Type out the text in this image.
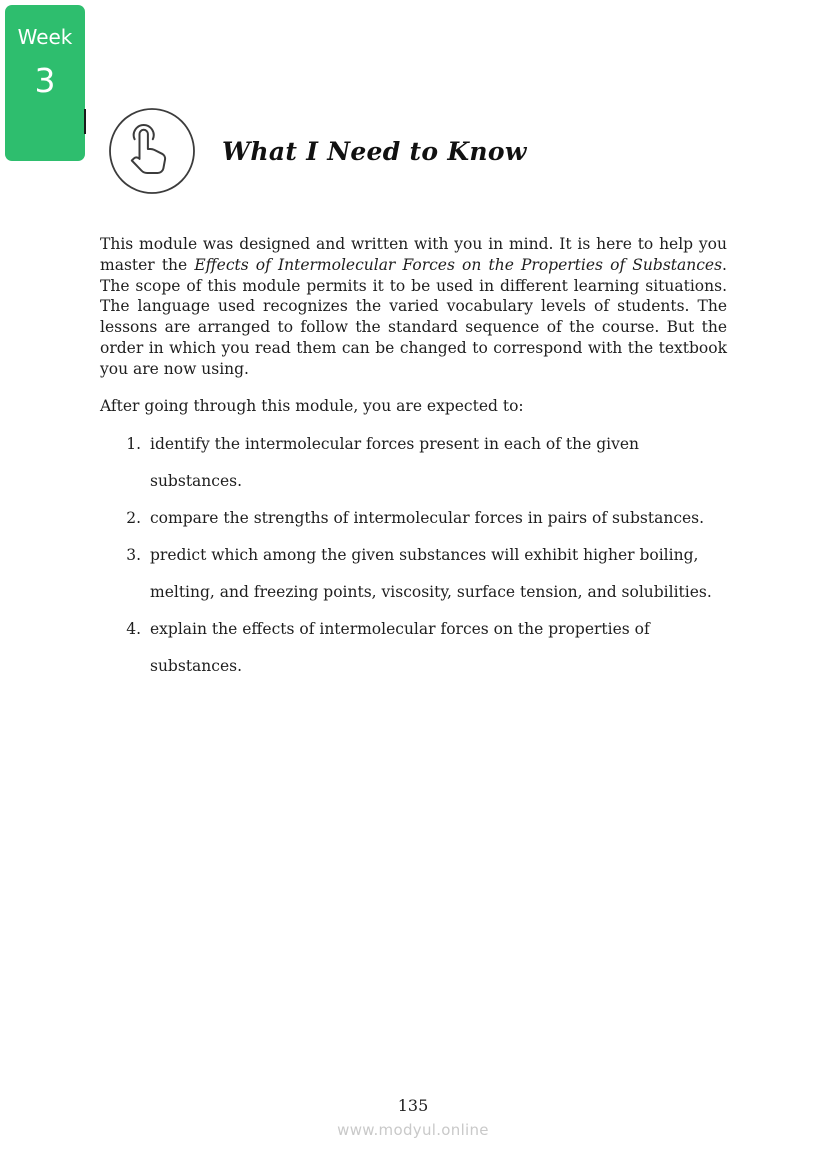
Week
3
What I Need to Know

This module was designed and written with you in mind. It is here to help you master the Effects of Intermolecular Forces on the Properties of Substances. The scope of this module permits it to be used in different learning situations. The language used recognizes the varied vocabulary levels of students. The lessons are arranged to follow the standard sequence of the course. But the order in which you read them can be changed to correspond with the textbook you are now using.

After going through this module, you are expected to:

1. identify the intermolecular forces present in each of the given substances.
2. compare the strengths of intermolecular forces in pairs of substances.
3. predict which among the given substances will exhibit higher boiling, melting, and freezing points, viscosity, surface tension, and solubilities.
4. explain the effects of intermolecular forces on the properties of substances.
135
www.modyul.online
